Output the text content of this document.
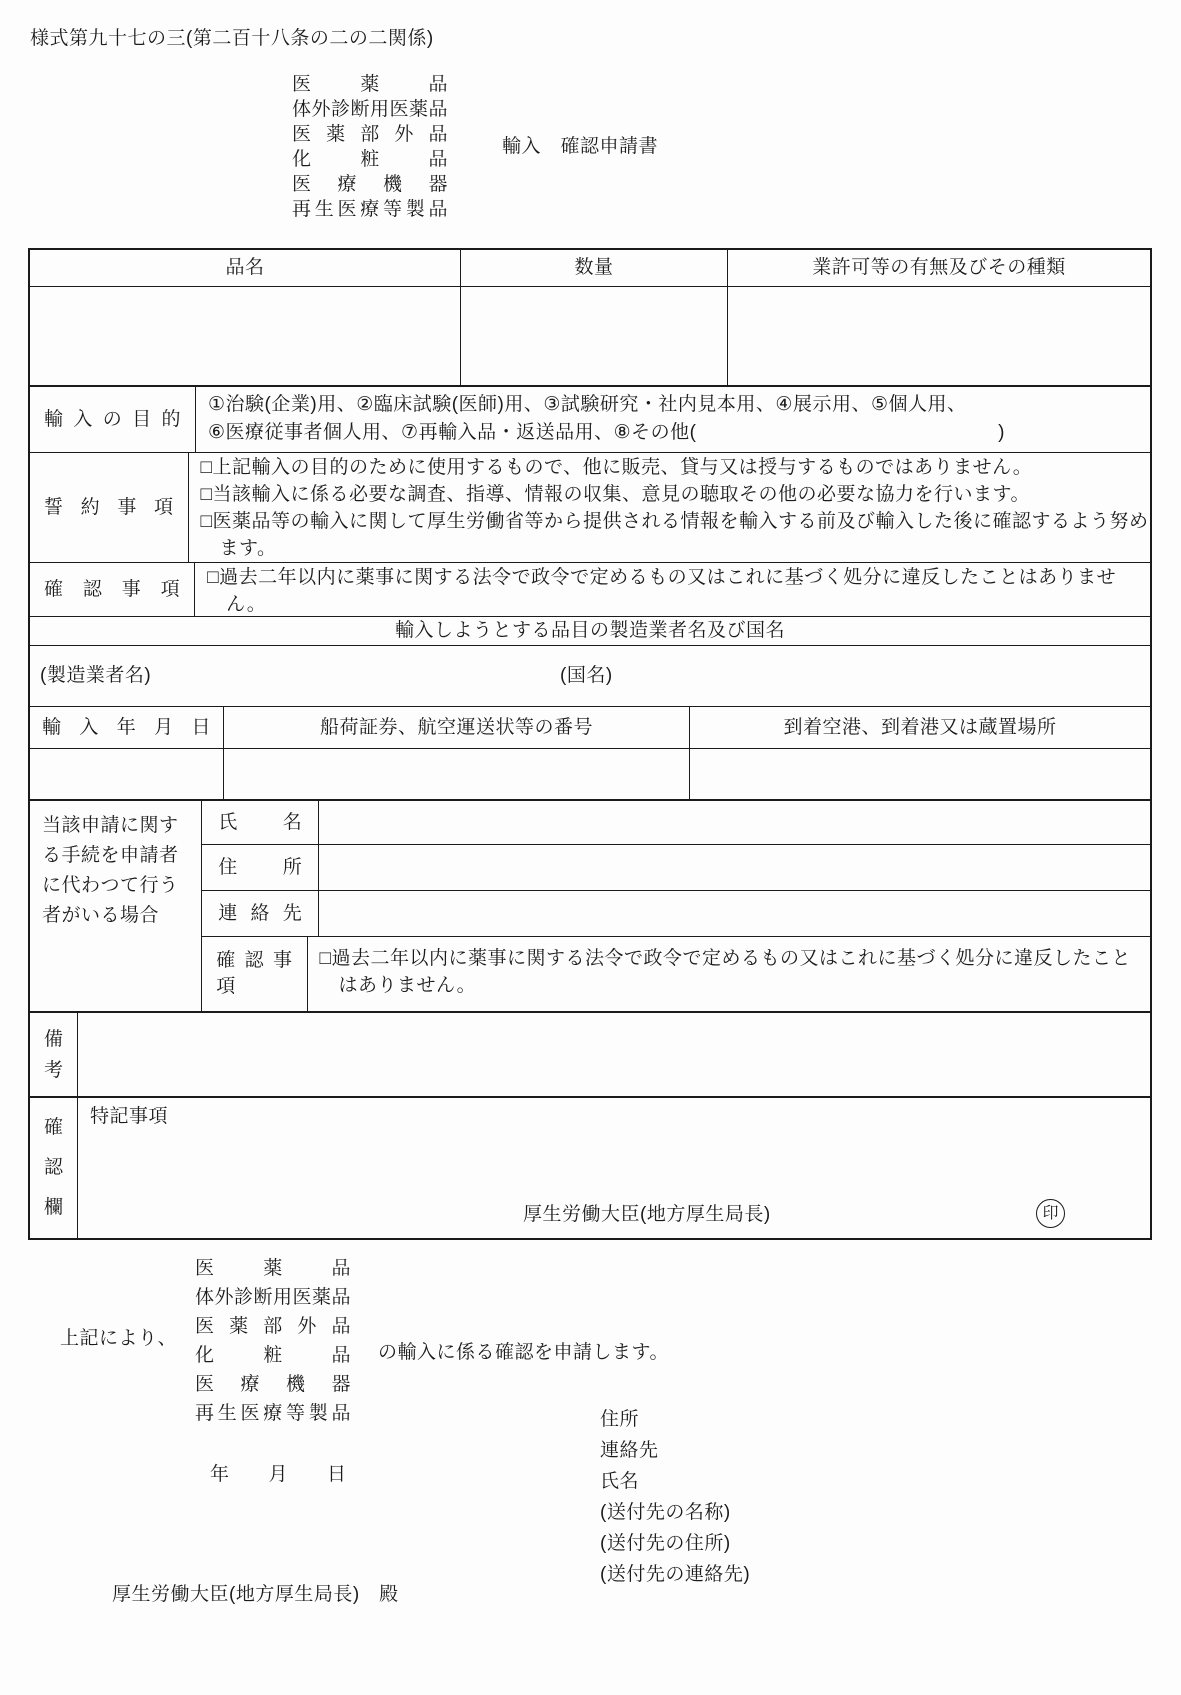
様式第九十七の三(第二百十八条の二の二関係)
医薬品
体外診断用医薬品
医薬部外品
化粧品
医療機器
再生医療等製品
輸入　確認申請書
品名	数量	業許可等の有無及びその種類
輸入の目的
①治験(企業)用、②臨床試験(医師)用、③試験研究・社内見本用、④展示用、⑤個人用、
⑥医療従事者個人用、⑦再輸入品・返送品用、⑧その他(	)
誓約事項
□上記輸入の目的のために使用するもので、他に販売、貸与又は授与するものではありません。
□当該輸入に係る必要な調査、指導、情報の収集、意見の聴取その他の必要な協力を行います。
□医薬品等の輸入に関して厚生労働省等から提供される情報を輸入する前及び輸入した後に確認するよう努めます。
確認事項
□過去二年以内に薬事に関する法令で政令で定めるもの又はこれに基づく処分に違反したことはありません。
輸入しようとする品目の製造業者名及び国名
(製造業者名)	(国名)
輸入年月日	船荷証券、航空運送状等の番号	到着空港、到着港又は蔵置場所
当該申請に関する手続を申請者に代わつて行う者がいる場合
氏名
住所
連絡先
確認事項
□過去二年以内に薬事に関する法令で政令で定めるもの又はこれに基づく処分に違反したことはありません。
備考
確認欄
特記事項
厚生労働大臣(地方厚生局長)	印
上記により、
医薬品
体外診断用医薬品
医薬部外品
化粧品
医療機器
再生医療等製品
の輸入に係る確認を申請します。
年　　月　　日
住所
連絡先
氏名
(送付先の名称)
(送付先の住所)
(送付先の連絡先)
厚生労働大臣(地方厚生局長)　殿
